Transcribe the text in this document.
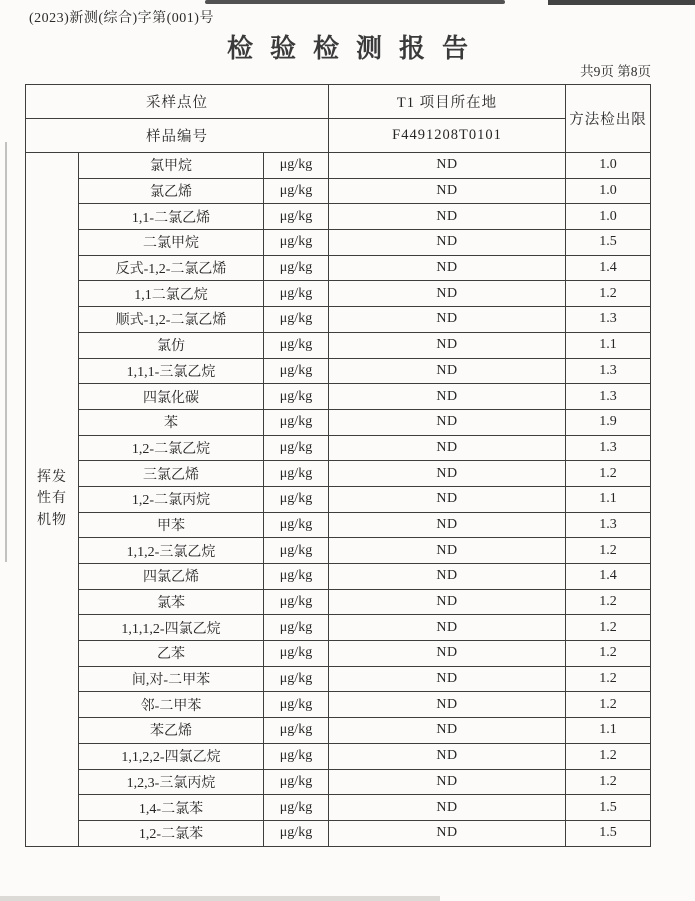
(2023)新测(综合)字第(001)号
检验检测报告
共9页 第8页
采样点位			T1 项目所在地	方法检出限
样品编号			F4491208T0101	
挥发性有机物	氯甲烷	μg/kg	ND	1.0
	氯乙烯	μg/kg	ND	1.0
	1,1-二氯乙烯	μg/kg	ND	1.0
	二氯甲烷	μg/kg	ND	1.5
	反式-1,2-二氯乙烯	μg/kg	ND	1.4
	1,1二氯乙烷	μg/kg	ND	1.2
	顺式-1,2-二氯乙烯	μg/kg	ND	1.3
	氯仿	μg/kg	ND	1.1
	1,1,1-三氯乙烷	μg/kg	ND	1.3
	四氯化碳	μg/kg	ND	1.3
	苯	μg/kg	ND	1.9
	1,2-二氯乙烷	μg/kg	ND	1.3
	三氯乙烯	μg/kg	ND	1.2
	1,2-二氯丙烷	μg/kg	ND	1.1
	甲苯	μg/kg	ND	1.3
	1,1,2-三氯乙烷	μg/kg	ND	1.2
	四氯乙烯	μg/kg	ND	1.4
	氯苯	μg/kg	ND	1.2
	1,1,1,2-四氯乙烷	μg/kg	ND	1.2
	乙苯	μg/kg	ND	1.2
	间,对-二甲苯	μg/kg	ND	1.2
	邻-二甲苯	μg/kg	ND	1.2
	苯乙烯	μg/kg	ND	1.1
	1,1,2,2-四氯乙烷	μg/kg	ND	1.2
	1,2,3-三氯丙烷	μg/kg	ND	1.2
	1,4-二氯苯	μg/kg	ND	1.5
	1,2-二氯苯	μg/kg	ND	1.5
